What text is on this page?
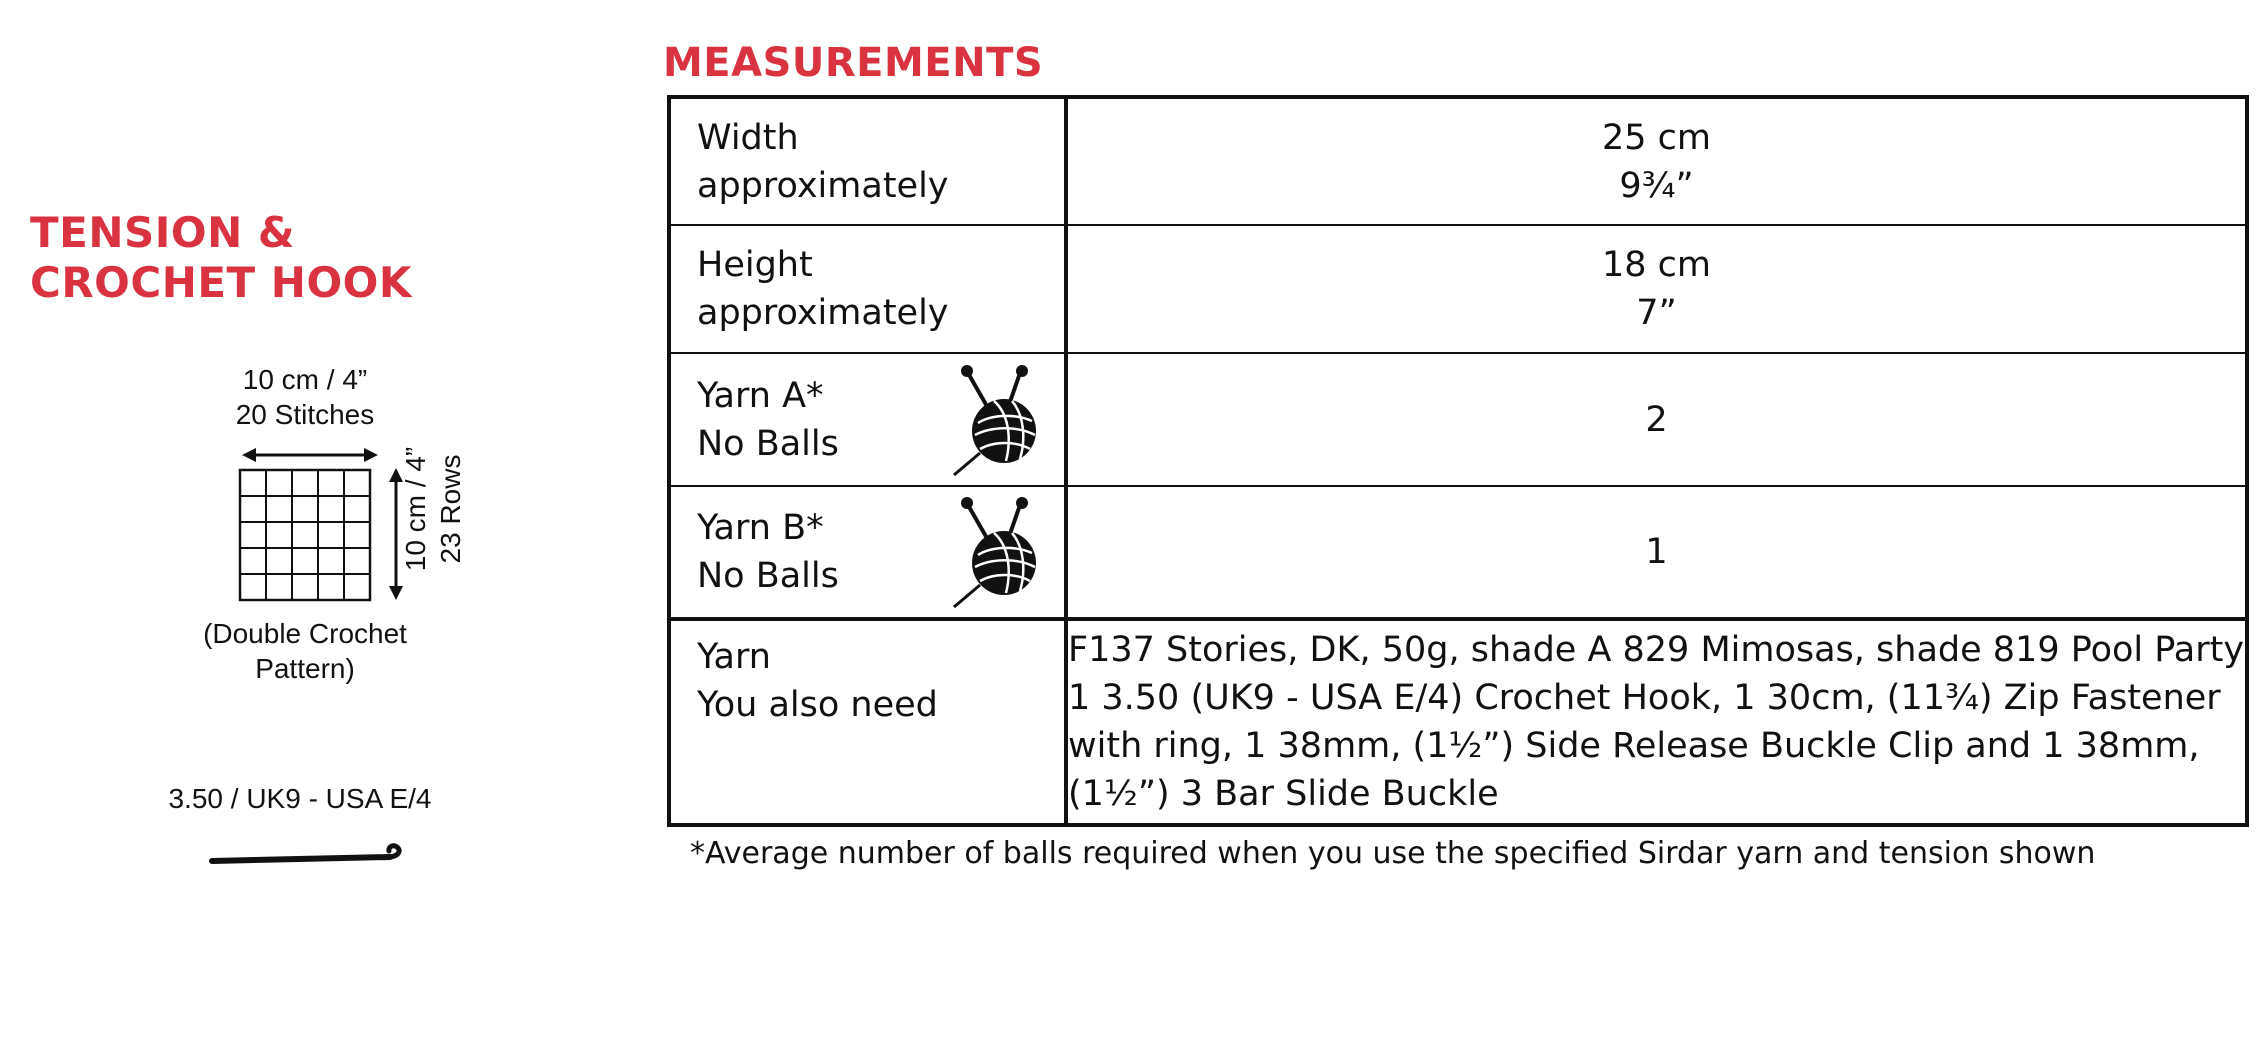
TENSION &
CROCHET HOOK
10 cm / 4”
20 Stitches
10 cm / 4” 23 Rows
(Double Crochet
Pattern)
3.50 / UK9 - USA E/4
MEASUREMENTS
Width
approximately	25 cm
9¾”

Height
approximately	18 cm
7”

Yarn A*
No Balls	2

Yarn B*
No Balls	1

Yarn
You also need	F137 Stories, DK, 50g, shade A 829 Mimosas, shade 819 Pool Party
1 3.50 (UK9 - USA E/4) Crochet Hook, 1 30cm, (11¾) Zip Fastener
with ring, 1 38mm, (1½”) Side Release Buckle Clip and 1 38mm,
(1½”) 3 Bar Slide Buckle
*Average number of balls required when you use the specified Sirdar yarn and tension shown
